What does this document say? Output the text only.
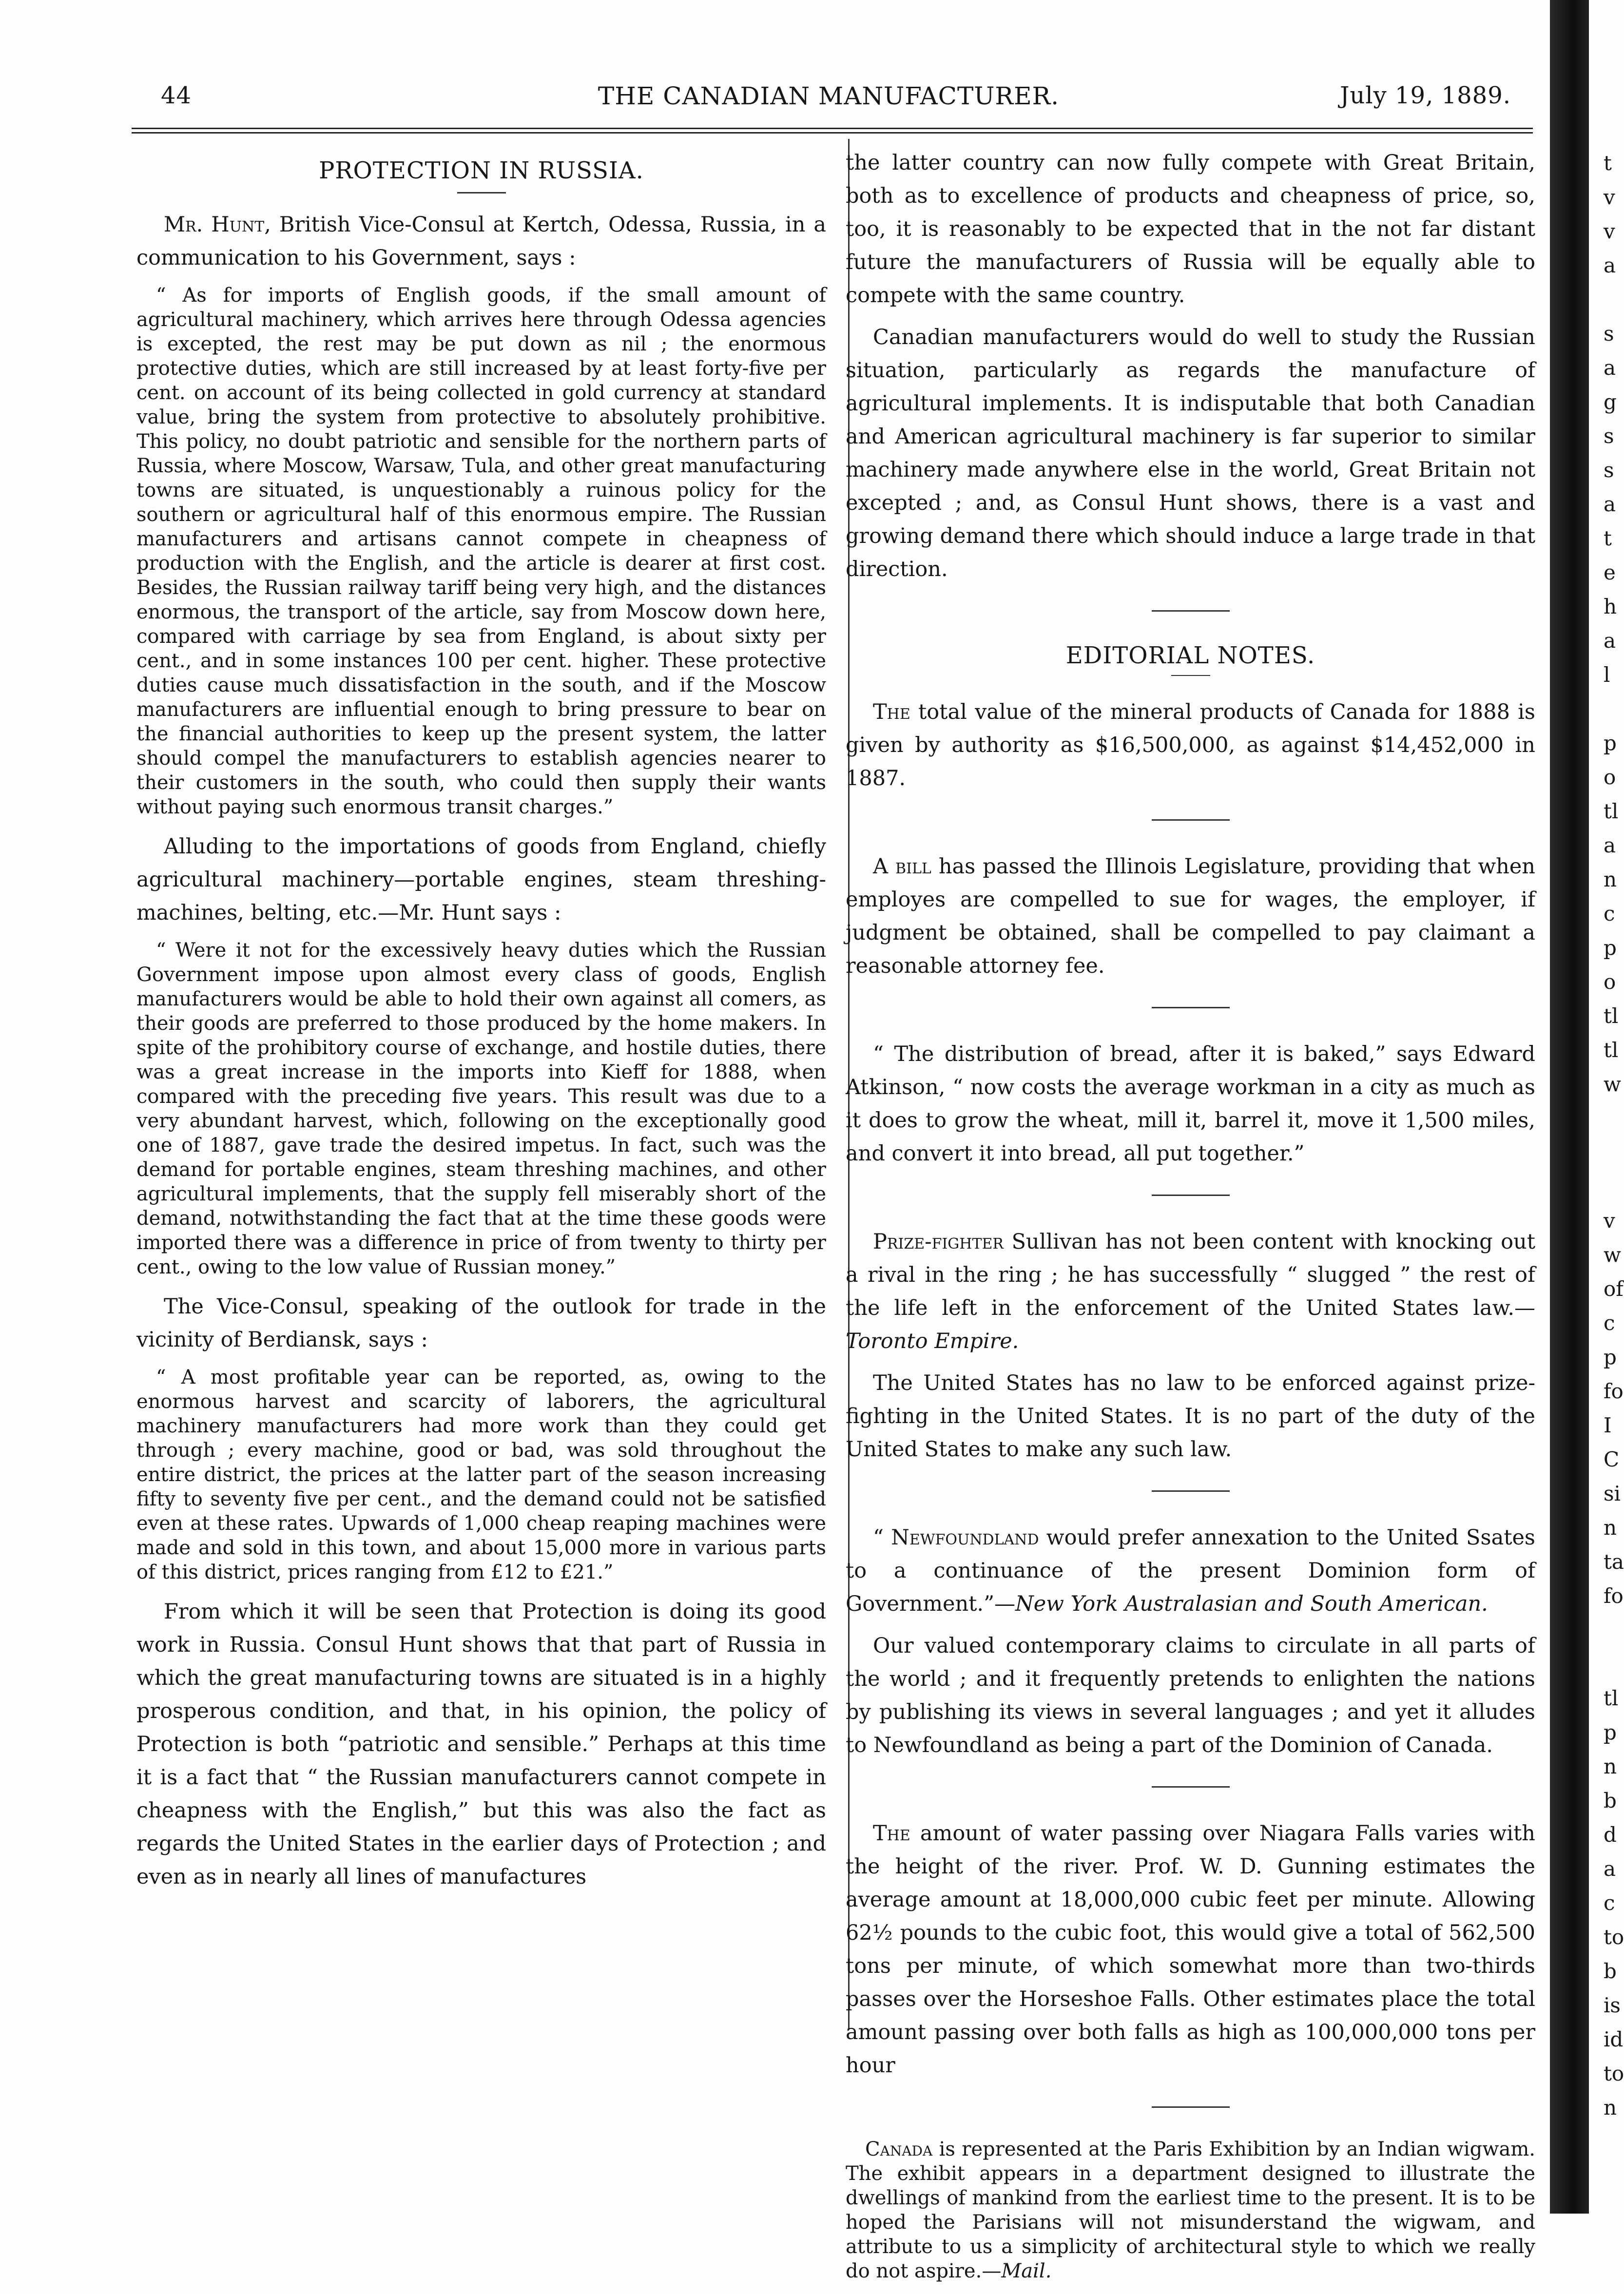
44	THE CANADIAN MANUFACTURER.	July 19, 1889.
PROTECTION IN RUSSIA.

Mr. Hunt, British Vice-Consul at Kertch, Odessa, Russia, in a communication to his Government, says :

“ As for imports of English goods, if the small amount of agricultural machinery, which arrives here through Odessa agencies is excepted, the rest may be put down as nil ; the enormous protective duties, which are still increased by at least forty-five per cent. on account of its being collected in gold currency at standard value, bring the system from protective to absolutely prohibitive. This policy, no doubt patriotic and sensible for the northern parts of Russia, where Moscow, Warsaw, Tula, and other great manufacturing towns are situated, is unquestionably a ruinous policy for the southern or agricultural half of this enormous empire. The Russian manufacturers and artisans cannot compete in cheapness of production with the English, and the article is dearer at first cost. Besides, the Russian railway tariff being very high, and the distances enormous, the transport of the article, say from Moscow down here, compared with carriage by sea from England, is about sixty per cent., and in some instances 100 per cent. higher. These protective duties cause much dissatisfaction in the south, and if the Moscow manufacturers are influential enough to bring pressure to bear on the financial authorities to keep up the present system, the latter should compel the manufacturers to establish agencies nearer to their customers in the south, who could then supply their wants without paying such enormous transit charges.”

Alluding to the importations of goods from England, chiefly agricultural machinery—portable engines, steam threshing-machines, belting, etc.—Mr. Hunt says :

“ Were it not for the excessively heavy duties which the Russian Government impose upon almost every class of goods, English manufacturers would be able to hold their own against all comers, as their goods are preferred to those produced by the home makers. In spite of the prohibitory course of exchange, and hostile duties, there was a great increase in the imports into Kieff for 1888, when compared with the preceding five years. This result was due to a very abundant harvest, which, following on the exceptionally good one of 1887, gave trade the desired impetus. In fact, such was the demand for portable engines, steam threshing machines, and other agricultural implements, that the supply fell miserably short of the demand, notwithstanding the fact that at the time these goods were imported there was a difference in price of from twenty to thirty per cent., owing to the low value of Russian money.”

The Vice-Consul, speaking of the outlook for trade in the vicinity of Berdiansk, says :

“ A most profitable year can be reported, as, owing to the enormous harvest and scarcity of laborers, the agricultural machinery manufacturers had more work than they could get through ; every machine, good or bad, was sold throughout the entire district, the prices at the latter part of the season increasing fifty to seventy five per cent., and the demand could not be satisfied even at these rates. Upwards of 1,000 cheap reaping machines were made and sold in this town, and about 15,000 more in various parts of this district, prices ranging from £12 to £21.”

From which it will be seen that Protection is doing its good work in Russia. Consul Hunt shows that that part of Russia in which the great manufacturing towns are situated is in a highly prosperous condition, and that, in his opinion, the policy of Protection is both “patriotic and sensible.” Perhaps at this time it is a fact that “ the Russian manufacturers cannot compete in cheapness with the English,” but this was also the fact as regards the United States in the earlier days of Protection ; and even as in nearly all lines of manufactures

the latter country can now fully compete with Great Britain, both as to excellence of products and cheapness of price, so, too, it is reasonably to be expected that in the not far distant future the manufacturers of Russia will be equally able to compete with the same country.

Canadian manufacturers would do well to study the Russian situation, particularly as regards the manufacture of agricultural implements. It is indisputable that both Canadian and American agricultural machinery is far superior to similar machinery made anywhere else in the world, Great Britain not excepted ; and, as Consul Hunt shows, there is a vast and growing demand there which should induce a large trade in that direction.

EDITORIAL NOTES.

The total value of the mineral products of Canada for 1888 is given by authority as $16,500,000, as against $14,452,000 in 1887.

A bill has passed the Illinois Legislature, providing that when employes are compelled to sue for wages, the employer, if judgment be obtained, shall be compelled to pay claimant a reasonable attorney fee.

“ The distribution of bread, after it is baked,” says Edward Atkinson, “ now costs the average workman in a city as much as it does to grow the wheat, mill it, barrel it, move it 1,500 miles, and convert it into bread, all put together.”

Prize-fighter Sullivan has not been content with knocking out a rival in the ring ; he has successfully “ slugged ” the rest of the life left in the enforcement of the United States law.—Toronto Empire.

The United States has no law to be enforced against prize-fighting in the United States. It is no part of the duty of the United States to make any such law.

“ Newfoundland would prefer annexation to the United Ssates to a continuance of the present Dominion form of Government.”—New York Australasian and South American.

Our valued contemporary claims to circulate in all parts of the world ; and it frequently pretends to enlighten the nations by publishing its views in several languages ; and yet it alludes to Newfoundland as being a part of the Dominion of Canada.

The amount of water passing over Niagara Falls varies with the height of the river. Prof. W. D. Gunning estimates the average amount at 18,000,000 cubic feet per minute. Allowing 62½ pounds to the cubic foot, this would give a total of 562,500 tons per minute, of which somewhat more than two-thirds passes over the Horseshoe Falls. Other estimates place the total amount passing over both falls as high as 100,000,000 tons per hour

Canada is represented at the Paris Exhibition by an Indian wigwam. The exhibit appears in a department designed to illustrate the dwellings of mankind from the earliest time to the present. It is to be hoped the Parisians will not misunderstand the wigwam, and attribute to us a simplicity of architectural style to which we really do not aspire.—Mail.

t
v
v
a
s
a
g
s
s
a
t
e
h
a
l
p
o
tl
a
n
c
p
o
tl
tl
w
v
w
of
c
p
fo
I
C
si
n
ta
fo
tl
p
n
b
d
a
c
to
b
is
id
to
n
